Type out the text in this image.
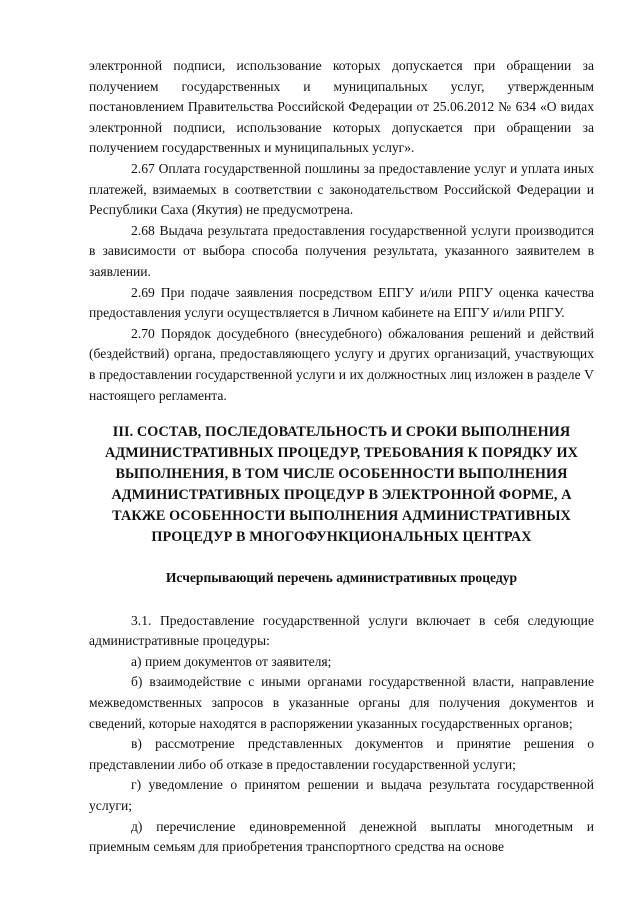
электронной подписи, использование которых допускается при обращении за получением государственных и муниципальных услуг, утвержденным постановлением Правительства Российской Федерации от 25.06.2012 № 634 «О видах электронной подписи, использование которых допускается при обращении за получением государственных и муниципальных услуг».

2.67 Оплата государственной пошлины за предоставление услуг и уплата иных платежей, взимаемых в соответствии с законодательством Российской Федерации и Республики Саха (Якутия) не предусмотрена.

2.68 Выдача результата предоставления государственной услуги производится в зависимости от выбора способа получения результата, указанного заявителем в заявлении.

2.69 При подаче заявления посредством ЕПГУ и/или РПГУ оценка качества предоставления услуги осуществляется в Личном кабинете на ЕПГУ и/или РПГУ.

2.70 Порядок досудебного (внесудебного) обжалования решений и действий (бездействий) органа, предоставляющего услугу и других организаций, участвующих в предоставлении государственной услуги и их должностных лиц изложен в разделе V настоящего регламента.

III. СОСТАВ, ПОСЛЕДОВАТЕЛЬНОСТЬ И СРОКИ ВЫПОЛНЕНИЯ АДМИНИСТРАТИВНЫХ ПРОЦЕДУР, ТРЕБОВАНИЯ К ПОРЯДКУ ИХ ВЫПОЛНЕНИЯ, В ТОМ ЧИСЛЕ ОСОБЕННОСТИ ВЫПОЛНЕНИЯ АДМИНИСТРАТИВНЫХ ПРОЦЕДУР В ЭЛЕКТРОННОЙ ФОРМЕ, А ТАКЖЕ ОСОБЕННОСТИ ВЫПОЛНЕНИЯ АДМИНИСТРАТИВНЫХ ПРОЦЕДУР В МНОГОФУНКЦИОНАЛЬНЫХ ЦЕНТРАХ

Исчерпывающий перечень административных процедур

3.1. Предоставление государственной услуги включает в себя следующие административные процедуры:

а) прием документов от заявителя;

б) взаимодействие с иными органами государственной власти, направление межведомственных запросов в указанные органы для получения документов и сведений, которые находятся в распоряжении указанных государственных органов;

в) рассмотрение представленных документов и принятие решения о представлении либо об отказе в предоставлении государственной услуги;

г) уведомление о принятом решении и выдача результата государственной услуги;

д) перечисление единовременной денежной выплаты многодетным и приемным семьям для приобретения транспортного средства на основе
